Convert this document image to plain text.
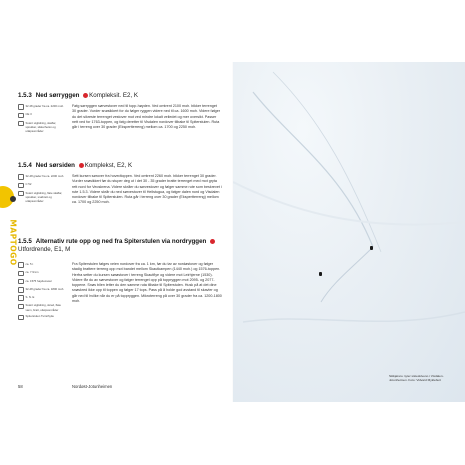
1.5.3 Ned sørryggen Kompleksit. E2, K
32.48 grader fra ca. 2200 moh.
CE 3
Svært utglidning, skaflar, sprekker, sikkerhetsn og utløpsområder
Følg sørryggen sørvestover ned til topp-høyden. Ved omtrent 2100 moh. bikker terrenget 30 grader. Vurder snøsikkert for du følger ryggen videre ned til ca. 1600 moh. Videre følger du det sikreste terrenget vestover mot ved mindre lokalt veiledet og mer oversikt. Passer nett ved for 1763-toppen, og følg deretter til Visdalen nordover tilbake til Spiterstulen. Ruta går i terreng over 30 grader (Ekspertterreng) mellom ca. 1700 og 2250 moh.
1.5.4 Ned sørsiden Komplekst, E2, K
32-48 grader fra ca. 2200 moh.
C 52
Svært utglidning, flate skaflar, sprekker, snøbrett og utløpsområder
Sett kursen sørover fra hovedtoppen. Ved omtrent 2260 moh. bikker terrenget 30 grader. Vurder snøsikkert før du stuper deg ut i det 30 - 35 grader bratte terrenget med mot grytа rett nord for Veoskrena. Videre skråer du sørvestover og følger samme rute som beskrevet i rute 1.5.3. Videre skrår du ned sørvestover til Heilstugua, og følger dalen nord og Visdalen nordover tilbake til Spiterstulen. Ruta går i terreng over 30 grader (Ekspertterreng) mellom ca. 1700 og 2250 moh.
1.5.5 Alternativ rute opp og ned fra Spiterstulen via nordryggen Utfordrende, E1, M
ca. 5 t
ca. 7.9 km
ca. 1575 høydemeter
32-48 grader fra ca. 1800 moh.
S. N. E
Svært utglidning, skred, flate vann, bratt, utløpsområder
Spiterstulen Turisthytte
Fra Spiterstulen følges veien nordover fra ca. 1 km, før du tar av nordøstover og følger stadig brattere terreng opp mot bandet mellom Skautkampen (1440 moh.) og 1576-toppen. Herfra setter du kursen sørøstover i terreng Skautflye og videre mot Leirhjerne (1530). Videre får du av sørvestover og følger terrenget opp på toppryggen mot 2095- og 2077-toppene. Snøs bilen letter du den samme ruta tilbake til Spiterstulen. Husk på at det dine snøskred ikke opp til toppen og følger 17 tops. Pass på å holde god avstand til skavler og går ned til hvilke når du er på toppryggen. Mikroterreng på over 30 grader fra ca. 1200-1800 moh.
MAPTOGO
58	Nordøst-Jotunheimen
Skikjørere nyter sisteskiveno i Visdalen-Jotunheimen. Foto: Vidvard Mykleburt
